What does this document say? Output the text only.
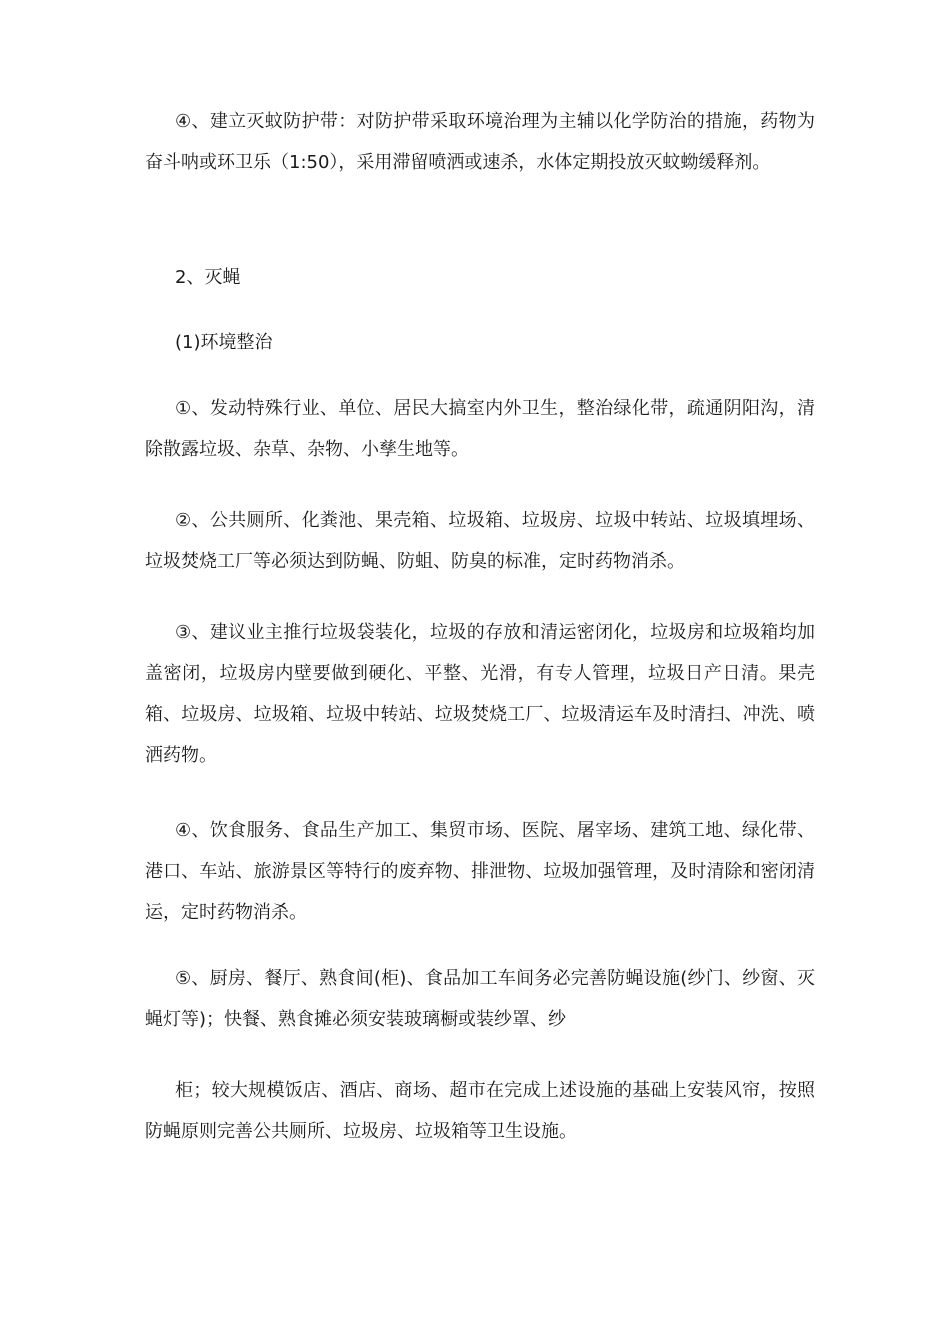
④、建立灭蚊防护带：对防护带采取环境治理为主辅以化学防治的措施，药物为奋斗呐或环卫乐（1:50），采用滞留喷洒或速杀，水体定期投放灭蚊蚴缓释剂。

2、灭蝇

(1)环境整治

①、发动特殊行业、单位、居民大搞室内外卫生，整治绿化带，疏通阴阳沟，清除散露垃圾、杂草、杂物、小孳生地等。

②、公共厕所、化粪池、果壳箱、垃圾箱、垃圾房、垃圾中转站、垃圾填埋场、垃圾焚烧工厂等必须达到防蝇、防蛆、防臭的标准，定时药物消杀。

③、建议业主推行垃圾袋装化，垃圾的存放和清运密闭化，垃圾房和垃圾箱均加盖密闭，垃圾房内壁要做到硬化、平整、光滑，有专人管理，垃圾日产日清。果壳箱、垃圾房、垃圾箱、垃圾中转站、垃圾焚烧工厂、垃圾清运车及时清扫、冲洗、喷洒药物。

④、饮食服务、食品生产加工、集贸市场、医院、屠宰场、建筑工地、绿化带、港口、车站、旅游景区等特行的废弃物、排泄物、垃圾加强管理，及时清除和密闭清运，定时药物消杀。

⑤、厨房、餐厅、熟食间(柜)、食品加工车间务必完善防蝇设施(纱门、纱窗、灭蝇灯等)；快餐、熟食摊必须安装玻璃橱或装纱罩、纱

柜；较大规模饭店、酒店、商场、超市在完成上述设施的基础上安装风帘，按照防蝇原则完善公共厕所、垃圾房、垃圾箱等卫生设施。
